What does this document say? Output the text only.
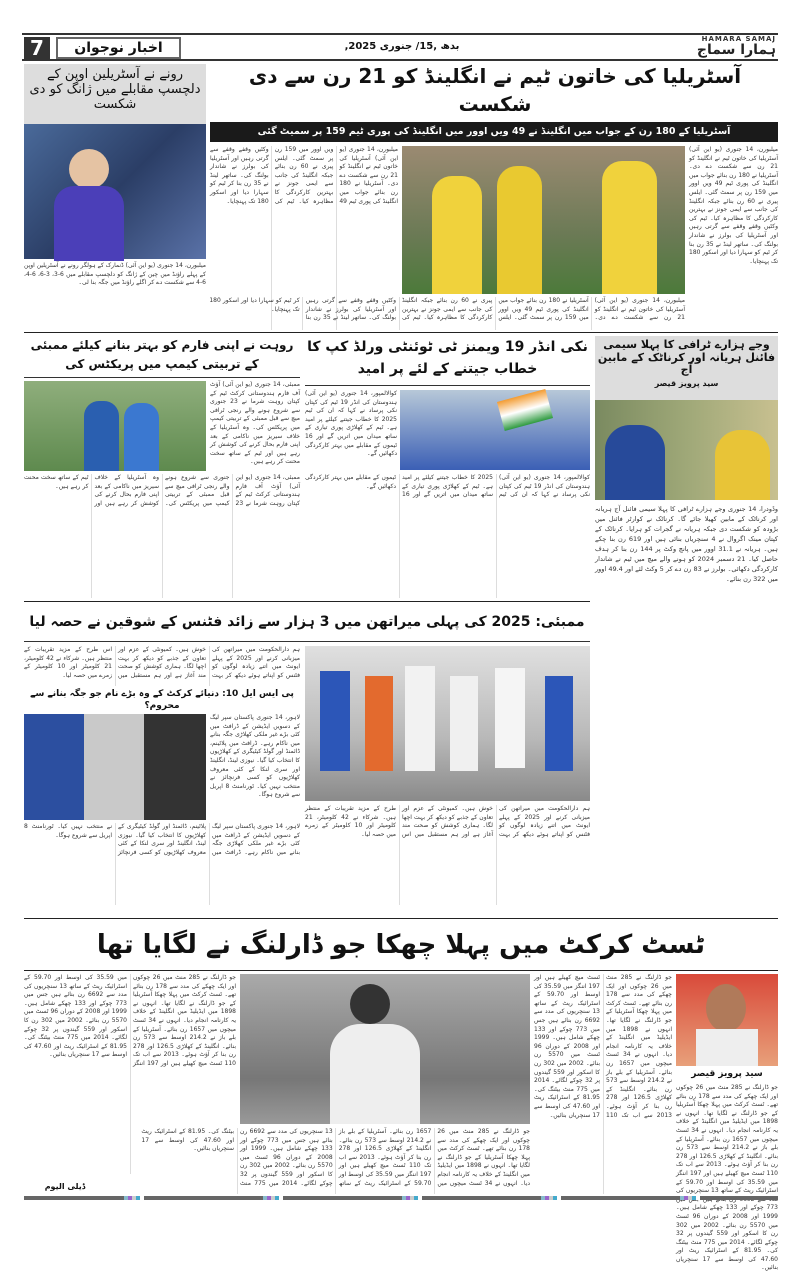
7	اخبار نوجوان	بدھ ,15/ جنوری 2025,
HAMARA SAMAJ
ہمارا سماج
رونے نے آسٹریلین اوپن کے دلچسپ مقابلے میں ژانگ کو دی شکست
میلبورن، 14 جنوری (یو این آئی) ڈنمارک کے ہولگر رونے نے آسٹریلین اوپن کے پہلے راؤنڈ میں چین کے ژانگ کو دلچسپ مقابلے میں 6-3، 3-6، 6-4، 6-4 سے شکست دے کر اگلے راؤنڈ میں جگہ بنا لی۔
آسٹریلیا کی خاتون ٹیم نے انگلینڈ کو 21 رن سے دی شکست
آسٹریلیا کے 180 رن کے جواب میں انگلینڈ نے 49 ویں اوور میں انگلینڈ کی پوری ٹیم 159 پر سمیٹ گئی
میلبورن، 14 جنوری (یو این آئی) آسٹریلیا کی خاتون ٹیم نے انگلینڈ کو 21 رن سے شکست دے دی۔ آسٹریلیا نے 180 رن بنائے جواب میں انگلینڈ کی پوری ٹیم 49 ویں اوور میں 159 رن پر سمٹ گئی۔ ایلس پیری نے 60 رن بنائے جبکہ انگلینڈ کی جانب سے ایمی جونز نے بہترین کارکردگی کا مظاہرہ کیا۔ ٹیم کی وکٹیں وقفے وقفے سے گرتی رہیں اور آسٹریلیا کی بولرز نے شاندار بولنگ کی۔ ساتھر لینڈ نے 35 رن بنا کر ٹیم کو سہارا دیا اور اسکور 180 تک پہنچایا۔
میلبورن، 14 جنوری (یو این آئی) آسٹریلیا کی خاتون ٹیم نے انگلینڈ کو 21 رن سے شکست دے دی۔ آسٹریلیا نے 180 رن بنائے جواب میں انگلینڈ کی پوری ٹیم 49 ویں اوور میں 159 رن پر سمٹ گئی۔ ایلس پیری نے 60 رن بنائے جبکہ انگلینڈ کی جانب سے ایمی جونز نے بہترین کارکردگی کا مظاہرہ کیا۔ ٹیم کی وکٹیں وقفے وقفے سے گرتی رہیں اور آسٹریلیا کی بولرز نے شاندار بولنگ کی۔ ساتھر لینڈ نے 35 رن بنا کر ٹیم کو سہارا دیا اور اسکور 180 تک پہنچایا۔
میلبورن، 14 جنوری (یو این آئی) آسٹریلیا کی خاتون ٹیم نے انگلینڈ کو 21 رن سے شکست دے دی۔ آسٹریلیا نے 180 رن بنائے جواب میں انگلینڈ کی پوری ٹیم 49 ویں اوور میں 159 رن پر سمٹ گئی۔ ایلس پیری نے 60 رن بنائے جبکہ انگلینڈ کی جانب سے ایمی جونز نے بہترین کارکردگی کا مظاہرہ کیا۔ ٹیم کی وکٹیں وقفے وقفے سے گرتی رہیں اور آسٹریلیا کی بولرز نے شاندار بولنگ کی۔ ساتھر لینڈ نے 35 رن بنا کر ٹیم کو سہارا دیا اور اسکور 180 تک پہنچایا۔
روہت نے اپنی فارم کو بہتر بنانے کیلئے ممبئی کے تربیتی کیمپ میں پریکٹس کی
ممبئی، 14 جنوری (یو این آئی) آؤٹ آف فارم ہندوستانی کرکٹ ٹیم کے کپتان روہت شرما نے 23 جنوری سے شروع ہونے والے رنجی ٹرافی میچ سے قبل ممبئی کے تربیتی کیمپ میں پریکٹس کی۔ وہ آسٹریلیا کے خلاف سیریز میں ناکامی کے بعد اپنی فارم بحال کرنے کی کوشش کر رہے ہیں اور ٹیم کے ساتھ سخت محنت کر رہے ہیں۔
ممبئی، 14 جنوری (یو این آئی) آؤٹ آف فارم ہندوستانی کرکٹ ٹیم کے کپتان روہت شرما نے 23 جنوری سے شروع ہونے والے رنجی ٹرافی میچ سے قبل ممبئی کے تربیتی کیمپ میں پریکٹس کی۔ وہ آسٹریلیا کے خلاف سیریز میں ناکامی کے بعد اپنی فارم بحال کرنے کی کوشش کر رہے ہیں اور ٹیم کے ساتھ سخت محنت کر رہے ہیں۔
نکی انڈر 19 ویمنز ٹی ٹوئنٹی ورلڈ کپ کا خطاب جیتنے کے لئے پر امید
کوالالمپور، 14 جنوری (یو این آئی) ہندوستان کی انڈر 19 ٹیم کی کپتان نکی پرساد نے کہا کہ ان کی ٹیم 2025 کا خطاب جیتنے کیلئے پر امید ہے۔ ٹیم کے کھلاڑی پوری تیاری کے ساتھ میدان میں اتریں گے اور 16 ٹیموں کے مقابلے میں بہتر کارکردگی دکھائیں گے۔
کوالالمپور، 14 جنوری (یو این آئی) ہندوستان کی انڈر 19 ٹیم کی کپتان نکی پرساد نے کہا کہ ان کی ٹیم 2025 کا خطاب جیتنے کیلئے پر امید ہے۔ ٹیم کے کھلاڑی پوری تیاری کے ساتھ میدان میں اتریں گے اور 16 ٹیموں کے مقابلے میں بہتر کارکردگی دکھائیں گے۔
وجے ہزارے ٹرافی کا پہلا سیمی فائنل ہریانہ اور کرناٹک کے مابین آج
سید پرویز قیصر
وڈودرا، 14 جنوری وجے ہزارے ٹرافی کا پہلا سیمی فائنل آج ہریانہ اور کرناٹک کے مابین کھیلا جائے گا۔ کرناٹک نے کوارٹر فائنل میں بڑودہ کو شکست دی جبکہ ہریانہ نے گجرات کو ہرایا۔ کرناٹک کے کپتان مینک اگروال نے 4 سنچریاں بنائی ہیں اور 619 رن بنا چکے ہیں۔ ہریانہ نے 31.1 اوور میں پانچ وکٹ پر 144 رن بنا کر ہدف حاصل کیا۔ 21 دسمبر 2024 کو ہونے والے میچ میں ٹیم نے شاندار کارکردگی دکھائی۔ بولرز نے 83 رن دے کر 5 وکٹ لئے اور 49.4 اوور میں 322 رن بنائے۔
ممبئی: 2025 کی پہلی میراتھن میں 3 ہزار سے زائد فٹنس کے شوقین نے حصہ لیا
ہم دارالحکومت میں میراتھن کی میزبانی کرنے اور 2025 کے پہلے ایونٹ میں اتنے زیادہ لوگوں کو فٹنس کو اپناتے ہوئے دیکھ کر بہت خوش ہیں۔ کمیونٹی کے عزم اور تعاون کے جذبے کو دیکھ کر بہت اچھا لگا۔ ہماری کوشش کو صحت مند آغاز ہے اور ہم مستقبل میں اس طرح کے مزید تقریبات کے منتظر ہیں۔ شرکاء نے 42 کلومیٹر، 21 کلومیٹر اور 10 کلومیٹر کے زمرے میں حصہ لیا۔
ہم دارالحکومت میں میراتھن کی میزبانی کرنے اور 2025 کے پہلے ایونٹ میں اتنے زیادہ لوگوں کو فٹنس کو اپناتے ہوئے دیکھ کر بہت خوش ہیں۔ کمیونٹی کے عزم اور تعاون کے جذبے کو دیکھ کر بہت اچھا لگا۔ ہماری کوشش کو صحت مند آغاز ہے اور ہم مستقبل میں اس طرح کے مزید تقریبات کے منتظر ہیں۔ شرکاء نے 42 کلومیٹر، 21 کلومیٹر اور 10 کلومیٹر کے زمرے میں حصہ لیا۔
پی ایس ایل 10: دنیائے کرکٹ کے وہ بڑے نام جو جگہ بنانے سے محروم؟
لاہور، 14 جنوری پاکستان سپر لیگ کے دسویں ایڈیشن کے ڈرافٹ میں کئی بڑے غیر ملکی کھلاڑی جگہ بنانے میں ناکام رہے۔ ڈرافٹ میں پلاٹینم، ڈائمنڈ اور گولڈ کیٹیگری کے کھلاڑیوں کا انتخاب کیا گیا۔ نیوزی لینڈ، انگلینڈ اور سری لنکا کے کئی معروف کھلاڑیوں کو کسی فرنچائز نے منتخب نہیں کیا۔ ٹورنامنٹ 8 اپریل سے شروع ہوگا۔
لاہور، 14 جنوری پاکستان سپر لیگ کے دسویں ایڈیشن کے ڈرافٹ میں کئی بڑے غیر ملکی کھلاڑی جگہ بنانے میں ناکام رہے۔ ڈرافٹ میں پلاٹینم، ڈائمنڈ اور گولڈ کیٹیگری کے کھلاڑیوں کا انتخاب کیا گیا۔ نیوزی لینڈ، انگلینڈ اور سری لنکا کے کئی معروف کھلاڑیوں کو کسی فرنچائز نے منتخب نہیں کیا۔ ٹورنامنٹ 8 اپریل سے شروع ہوگا۔
ٹسٹ کرکٹ میں پہلا چھکا جو ڈارلنگ نے لگایا تھا
جو ڈارلنگ نے 285 منٹ میں 26 چوکوں اور ایک چھکے کی مدد سے 178 رن بنائے تھے۔ ٹسٹ کرکٹ میں پہلا چھکا آسٹریلیا کے جو ڈارلنگ نے لگایا تھا۔ انہوں نے 1898 میں ایڈیلیڈ میں انگلینڈ کے خلاف یہ کارنامہ انجام دیا۔ انہوں نے 34 ٹسٹ میچوں میں 1657 رن بنائے۔ آسٹریلیا کے بلے باز نے 214.2 اوسط سے 573 رن بنائے۔ انگلینڈ کے کھلاڑی 126.5 اور 278 رن بنا کر آؤٹ ہوئے۔ 2013 سے اب تک 110 ٹسٹ میچ کھیلے ہیں اور 197 اننگز میں 35.59 کی اوسط اور 59.70 کے اسٹرائیک ریٹ کے ساتھ 13 سنچریوں کی مدد سے 6692 رن بنائے ہیں جس میں 773 چوکے اور 133 چھکے شامل ہیں۔ 1999 اور 2008 کے دوران 96 ٹسٹ میں 5570 رن بنائے۔ 2002 میں 302 رن کا اسکور اور 559 گیندوں پر 32 چوکے لگائے۔ 2014 میں 775 منٹ بیٹنگ کی۔ 81.95 کے اسٹرائیک ریٹ اور 47.60 کی اوسط سے 17 سنچریاں بنائیں۔
جو ڈارلنگ نے 285 منٹ میں 26 چوکوں اور ایک چھکے کی مدد سے 178 رن بنائے تھے۔ ٹسٹ کرکٹ میں پہلا چھکا آسٹریلیا کے جو ڈارلنگ نے لگایا تھا۔ انہوں نے 1898 میں ایڈیلیڈ میں انگلینڈ کے خلاف یہ کارنامہ انجام دیا۔ انہوں نے 34 ٹسٹ میچوں میں 1657 رن بنائے۔ آسٹریلیا کے بلے باز نے 214.2 اوسط سے 573 رن بنائے۔ انگلینڈ کے کھلاڑی 126.5 اور 278 رن بنا کر آؤٹ ہوئے۔ 2013 سے اب تک 110 ٹسٹ میچ کھیلے ہیں اور 197 اننگز میں 35.59 کی اوسط اور 59.70 کے اسٹرائیک ریٹ کے ساتھ 13 سنچریوں کی مدد سے 6692 رن بنائے ہیں جس میں 773 چوکے اور 133 چھکے شامل ہیں۔ 1999 اور 2008 کے دوران 96 ٹسٹ میں 5570 رن بنائے۔ 2002 میں 302 رن کا اسکور اور 559 گیندوں پر 32 چوکے لگائے۔ 2014 میں 775 منٹ بیٹنگ کی۔ 81.95 کے اسٹرائیک ریٹ اور 47.60 کی اوسط سے 17 سنچریاں بنائیں۔
جو ڈارلنگ نے 285 منٹ میں 26 چوکوں اور ایک چھکے کی مدد سے 178 رن بنائے تھے۔ ٹسٹ کرکٹ میں پہلا چھکا آسٹریلیا کے جو ڈارلنگ نے لگایا تھا۔ انہوں نے 1898 میں ایڈیلیڈ میں انگلینڈ کے خلاف یہ کارنامہ انجام دیا۔ انہوں نے 34 ٹسٹ میچوں میں 1657 رن بنائے۔ آسٹریلیا کے بلے باز نے 214.2 اوسط سے 573 رن بنائے۔ انگلینڈ کے کھلاڑی 126.5 اور 278 رن بنا کر آؤٹ ہوئے۔ 2013 سے اب تک 110 ٹسٹ میچ کھیلے ہیں اور 197 اننگز میں 35.59 کی اوسط اور 59.70 کے اسٹرائیک ریٹ کے ساتھ 13 سنچریوں کی مدد سے 6692 رن بنائے ہیں جس میں 773 چوکے اور 133 چھکے شامل ہیں۔ 1999 اور 2008 کے دوران 96 ٹسٹ میں 5570 رن بنائے۔ 2002 میں 302 رن کا اسکور اور 559 گیندوں پر 32 چوکے لگائے۔ 2014 میں 775 منٹ بیٹنگ کی۔ 81.95 کے اسٹرائیک ریٹ اور 47.60 کی اوسط سے 17 سنچریاں بنائیں۔
سید پرویز قیصر
جو ڈارلنگ نے 285 منٹ میں 26 چوکوں اور ایک چھکے کی مدد سے 178 رن بنائے تھے۔ ٹسٹ کرکٹ میں پہلا چھکا آسٹریلیا کے جو ڈارلنگ نے لگایا تھا۔ انہوں نے 1898 میں ایڈیلیڈ میں انگلینڈ کے خلاف یہ کارنامہ انجام دیا۔ انہوں نے 34 ٹسٹ میچوں میں 1657 رن بنائے۔ آسٹریلیا کے بلے باز نے 214.2 اوسط سے 573 رن بنائے۔ انگلینڈ کے کھلاڑی 126.5 اور 278 رن بنا کر آؤٹ ہوئے۔ 2013 سے اب تک 110 ٹسٹ میچ کھیلے ہیں اور 197 اننگز میں 35.59 کی اوسط اور 59.70 کے اسٹرائیک ریٹ کے ساتھ 13 سنچریوں کی 773 چوکے اور 133 چھکے شامل ہیں۔ 1999 اور 2008 کے دوران 96 ٹسٹ میں 5570 رن بنائے۔ 2002 میں 302 رن کا اسکور اور 559 گیندوں پر 32 چوکے لگائے۔ 2014 میں 775 منٹ بیٹنگ کی۔ 81.95 کے اسٹرائیک ریٹ اور 47.60 کی اوسط سے 17 سنچریاں بنائیں۔
ڈیلی الیوم
